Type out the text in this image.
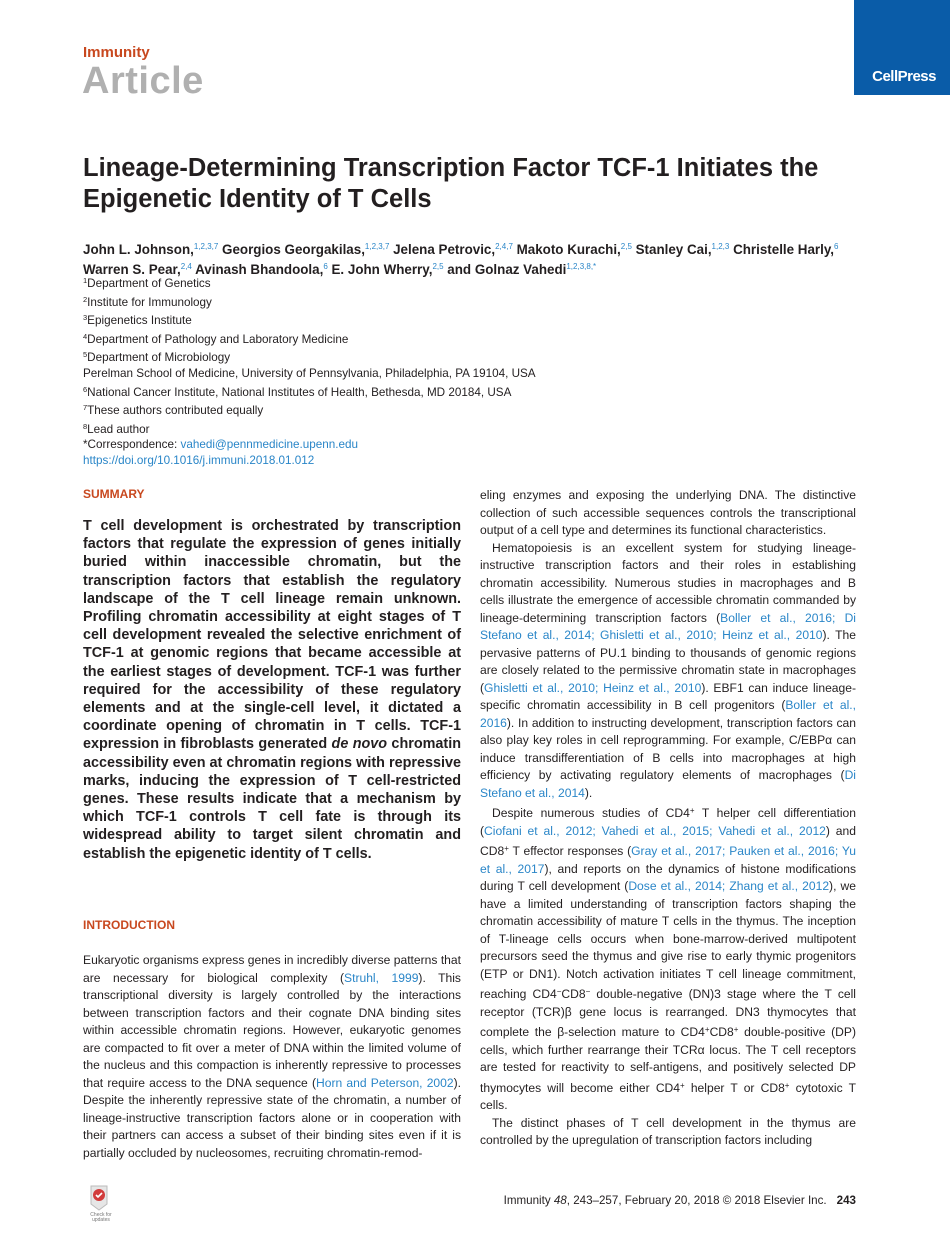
Immunity
Article	CellPress
Lineage-Determining Transcription Factor TCF-1 Initiates the Epigenetic Identity of T Cells
John L. Johnson,$^{1,2,3,7}$ Georgios Georgakilas,$^{1,2,3,7}$ Jelena Petrovic,$^{2,4,7}$ Makoto Kurachi,$^{2,5}$ Stanley Cai,$^{1,2,3}$ Christelle Harly,$^6$ Warren S. Pear,$^{2,4}$ Avinash Bhandoola,$^6$ E. John Wherry,$^{2,5}$ and Golnaz Vahedi$^{1,2,3,8,*}$
$^1$Department of Genetics
$^2$Institute for Immunology
$^3$Epigenetics Institute
$^4$Department of Pathology and Laboratory Medicine
$^5$Department of Microbiology
Perelman School of Medicine, University of Pennsylvania, Philadelphia, PA 19104, USA
$^6$National Cancer Institute, National Institutes of Health, Bethesda, MD 20184, USA
$^7$These authors contributed equally
$^8$Lead author
*Correspondence: vahedi@pennmedicine.upenn.edu
https://doi.org/10.1016/j.immuni.2018.01.012
SUMMARY
T cell development is orchestrated by transcription factors that regulate the expression of genes initially buried within inaccessible chromatin, but the transcription factors that establish the regulatory landscape of the T cell lineage remain unknown. Profiling chromatin accessibility at eight stages of T cell development revealed the selective enrichment of TCF-1 at genomic regions that became accessible at the earliest stages of development. TCF-1 was further required for the accessibility of these regulatory elements and at the single-cell level, it dictated a coordinate opening of chromatin in T cells. TCF-1 expression in fibroblasts generated de novo chromatin accessibility even at chromatin regions with repressive marks, inducing the expression of T cell-restricted genes. These results indicate that a mechanism by which TCF-1 controls T cell fate is through its widespread ability to target silent chromatin and establish the epigenetic identity of T cells.
INTRODUCTION

Eukaryotic organisms express genes in incredibly diverse patterns that are necessary for biological complexity (Struhl, 1999). This transcriptional diversity is largely controlled by the interactions between transcription factors and their cognate DNA binding sites within accessible chromatin regions. However, eukaryotic genomes are compacted to fit over a meter of DNA within the limited volume of the nucleus and this compaction is inherently repressive to processes that require access to the DNA sequence (Horn and Peterson, 2002). Despite the inherently repressive state of the chromatin, a number of lineage-instructive transcription factors alone or in cooperation with their partners can access a subset of their binding sites even if it is partially occluded by nucleosomes, recruiting chromatin-remod-

eling enzymes and exposing the underlying DNA. The distinctive collection of such accessible sequences controls the transcriptional output of a cell type and determines its functional characteristics.

Hematopoiesis is an excellent system for studying lineage-instructive transcription factors and their roles in establishing chromatin accessibility. Numerous studies in macrophages and B cells illustrate the emergence of accessible chromatin commanded by lineage-determining transcription factors (Boller et al., 2016; Di Stefano et al., 2014; Ghisletti et al., 2010; Heinz et al., 2010). The pervasive patterns of PU.1 binding to thousands of genomic regions are closely related to the permissive chromatin state in macrophages (Ghisletti et al., 2010; Heinz et al., 2010). EBF1 can induce lineage-specific chromatin accessibility in B cell progenitors (Boller et al., 2016). In addition to instructing development, transcription factors can also play key roles in cell reprogramming. For example, C/EBPα can induce transdifferentiation of B cells into macrophages at high efficiency by activating regulatory elements of macrophages (Di Stefano et al., 2014).

Despite numerous studies of CD4+ T helper cell differentiation (Ciofani et al., 2012; Vahedi et al., 2015; Vahedi et al., 2012) and CD8+ T effector responses (Gray et al., 2017; Pauken et al., 2016; Yu et al., 2017), and reports on the dynamics of histone modifications during T cell development (Dose et al., 2014; Zhang et al., 2012), we have a limited understanding of transcription factors shaping the chromatin accessibility of mature T cells in the thymus. The inception of T-lineage cells occurs when bone-marrow-derived multipotent precursors seed the thymus and give rise to early thymic progenitors (ETP or DN1). Notch activation initiates T cell lineage commitment, reaching CD4−CD8− double-negative (DN)3 stage where the T cell receptor (TCR)β gene locus is rearranged. DN3 thymocytes that complete the β-selection mature to CD4+CD8+ double-positive (DP) cells, which further rearrange their TCRα locus. The T cell receptors are tested for reactivity to self-antigens, and positively selected DP thymocytes will become either CD4+ helper T or CD8+ cytotoxic T cells.

The distinct phases of T cell development in the thymus are controlled by the upregulation of transcription factors including

Check for updates
Immunity 48, 243–257, February 20, 2018 © 2018 Elsevier Inc. 243
